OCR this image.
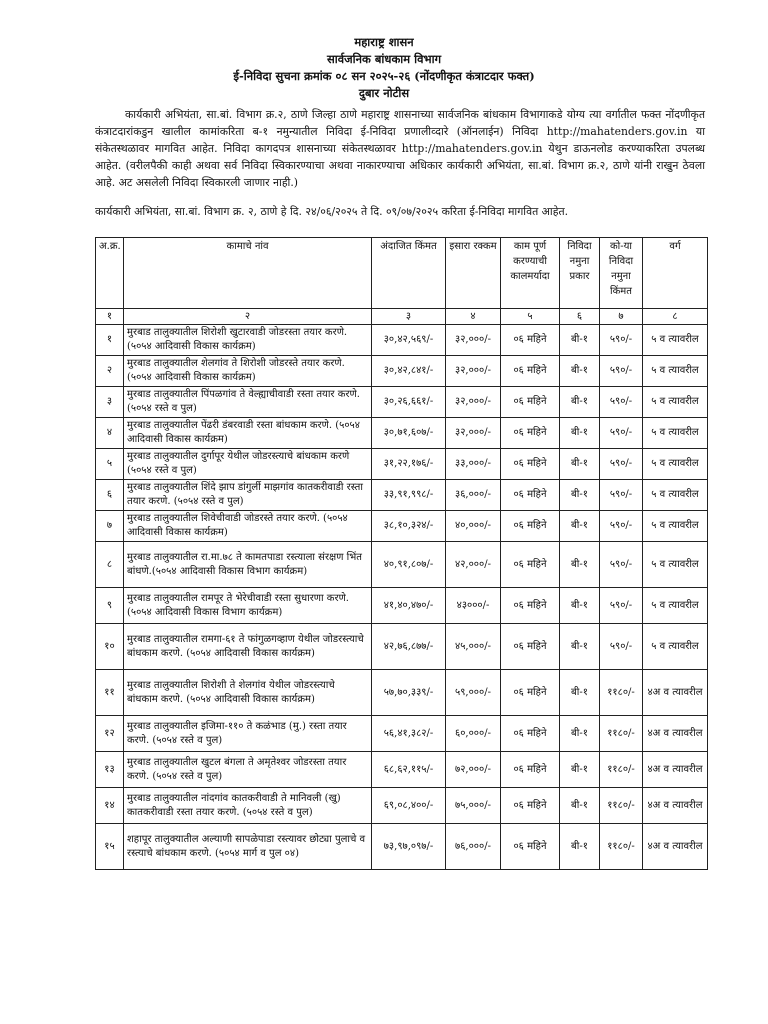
महाराष्ट्र शासन
सार्वजनिक बांधकाम विभाग
ई-निविदा सुचना क्रमांक ०८ सन २०२५-२६ (नोंदणीकृत कंत्राटदार फक्त)
दुबार नोटीस
कार्यकारी अभियंता, सा.बां. विभाग क्र.२, ठाणे जिल्हा ठाणे महाराष्ट्र शासनाच्या सार्वजनिक बांधकाम विभागाकडे योग्य त्या वर्गातील फक्त नोंदणीकृत कंत्राटदारांकडुन खालील कामांकरिता ब-१ नमुन्यातील निविदा ई-निविदा प्रणालीव्दारे (ऑनलाईन) निविदा http://mahatenders.gov.in या संकेतस्थळावर मागवित आहेत. निविदा कागदपत्र शासनाच्या संकेतस्थळावर http://mahatenders.gov.in येथुन डाऊनलोड करण्याकरिता उपलब्ध आहेत. (वरीलपैकी काही अथवा सर्व निविदा स्विकारण्याचा अथवा नाकारण्याचा अधिकार कार्यकारी अभियंता, सा.बां. विभाग क्र.२, ठाणे यांनी राखुन ठेवला आहे. अट असलेली निविदा स्विकारली जाणार नाही.)
कार्यकारी अभियंता, सा.बां. विभाग क्र. २, ठाणे हे दि. २४/०६/२०२५ ते दि. ०९/०७/२०२५ करिता ई-निविदा मागवित आहेत.
अ.क्र.	कामाचे नांव	अंदाजित किंमत	इसारा रक्कम	काम पूर्ण करण्याची कालमर्यादा	निविदा नमुना प्रकार	को-या निविदा नमुना किंमत	वर्ग
१	२	३	४	५	६	७	८
१	मुरबाड तालुक्यातील शिरोशी खुटारवाडी जोडरस्ता तयार करणे. (५०५४ आदिवासी विकास कार्यक्रम)	३०,४२,५६९/-	३२,०००/-	०६ महिने	बी-१	५९०/-	५ व त्यावरील
२	मुरबाड तालुक्यातील शेलगांव ते शिरोशी जोडरस्ते तयार करणे. (५०५४ आदिवासी विकास कार्यक्रम)	३०,४२,८४१/-	३२,०००/-	०६ महिने	बी-१	५९०/-	५ व त्यावरील
३	मुरबाड तालुक्यातील पिंपळगांव ते वेल्ह्याचीवाडी रस्ता तयार करणे. (५०५४ रस्ते व पुल)	३०,२६,६६१/-	३२,०००/-	०६ महिने	बी-१	५९०/-	५ व त्यावरील
४	मुरबाड तालुक्यातील पेंढरी डंबरवाडी रस्ता बांधकाम करणे. (५०५४ आदिवासी विकास कार्यक्रम)	३०,७१,६०७/-	३२,०००/-	०६ महिने	बी-१	५९०/-	५ व त्यावरील
५	मुरबाड तालुक्यातील दुर्गापूर येथील जोडरस्त्याचे बांधकाम करणे (५०५४ रस्ते व पुल)	३१,२२,१७६/-	३३,०००/-	०६ महिने	बी-१	५९०/-	५ व त्यावरील
६	मुरबाड तालुक्यातील शिंदे झाप डांगुर्ली माझगांव कातकरीवाडी रस्ता तयार करणे. (५०५४ रस्ते व पुल)	३३,९१,९९८/-	३६,०००/-	०६ महिने	बी-१	५९०/-	५ व त्यावरील
७	मुरबाड तालुक्यातील शिवेचीवाडी जोडरस्ते तयार करणे. (५०५४ आदिवासी विकास कार्यक्रम)	३८,१०,३२४/-	४०,०००/-	०६ महिने	बी-१	५९०/-	५ व त्यावरील
८	मुरबाड तालुक्यातील रा.मा.७८ ते कामतपाडा रस्त्याला संरक्षण भिंत बांधणे.(५०५४ आदिवासी विकास विभाग कार्यक्रम)	४०,९१,८०७/-	४२,०००/-	०६ महिने	बी-१	५९०/-	५ व त्यावरील
९	मुरबाड तालुक्यातील रामपूर ते भेरेचीवाडी रस्ता सुधारणा करणे. (५०५४ आदिवासी विकास विभाग कार्यक्रम)	४१,४०,४७०/-	४३०००/-	०६ महिने	बी-१	५९०/-	५ व त्यावरील
१०	मुरबाड तालुक्यातील रामगा-६१ ते फांगुळगव्हाण येथील जोडरस्त्याचे बांधकाम करणे. (५०५४ आदिवासी विकास कार्यक्रम)	४२,७६,८७७/-	४५,०००/-	०६ महिने	बी-१	५९०/-	५ व त्यावरील
११	मुरबाड तालुक्यातील शिरोशी ते शेलगांव येथील जोडरस्त्याचे बांधकाम करणे. (५०५४ आदिवासी विकास कार्यक्रम)	५७,७०,३३९/-	५९,०००/-	०६ महिने	बी-१	११८०/-	४अ व त्यावरील
१२	मुरबाड तालुक्यातील इजिमा-११० ते कळंभाड (मु.) रस्ता तयार करणे. (५०५४ रस्ते व पुल)	५६,४१,३८२/-	६०,०००/-	०६ महिने	बी-१	११८०/-	४अ व त्यावरील
१३	मुरबाड तालुक्यातील खुटल बंगला ते अमृतेश्वर जोडरस्ता तयार करणे. (५०५४ रस्ते व पुल)	६८,६२,११५/-	७२,०००/-	०६ महिने	बी-१	११८०/-	४अ व त्यावरील
१४	मुरबाड तालुक्यातील नांदगांव कातकरीवाडी ते मानिवली (खु) कातकरीवाडी रस्ता तयार करणे. (५०५४ रस्ते व पुल)	६९,०८,४००/-	७५,०००/-	०६ महिने	बी-१	११८०/-	४अ व त्यावरील
१५	शहापूर तालुक्यातील अल्याणी सापळेपाडा रस्त्यावर छोट्या पुलाचे व रस्त्याचे बांधकाम करणे. (५०५४ मार्ग व पुल ०४)	७३,९७,०९७/-	७६,०००/-	०६ महिने	बी-१	११८०/-	४अ व त्यावरील
